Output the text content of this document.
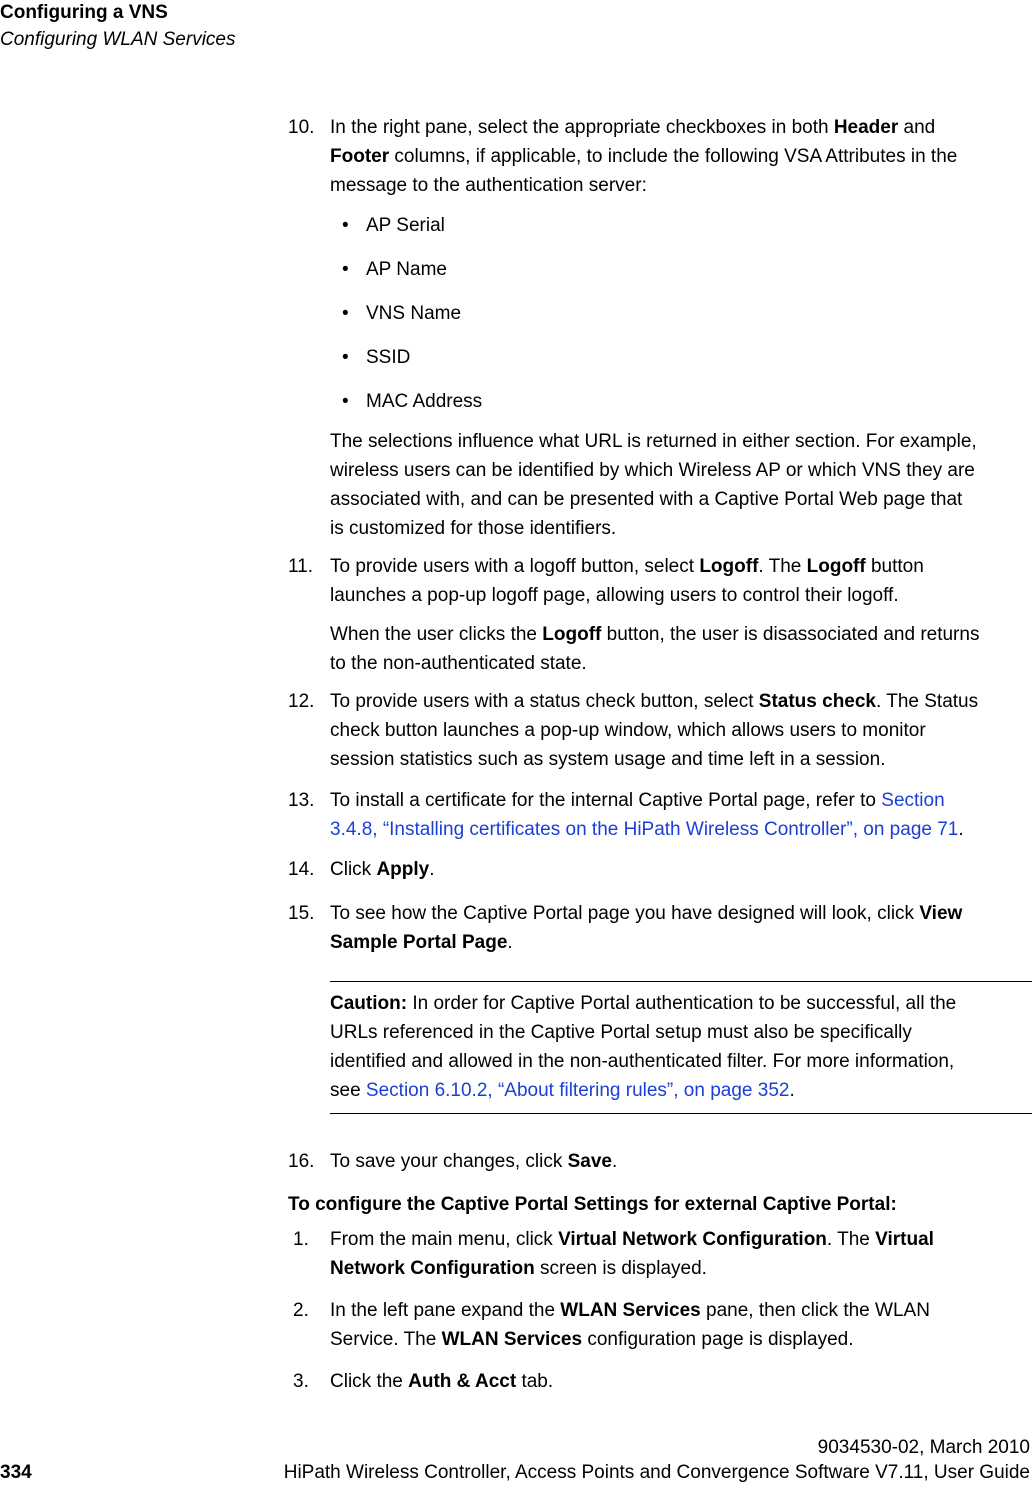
Configuring a VNS
Configuring WLAN Services
10. In the right pane, select the appropriate checkboxes in both Header and
Footer columns, if applicable, to include the following VSA Attributes in the
message to the authentication server:
• AP Serial
• AP Name
• VNS Name
• SSID
• MAC Address
The selections influence what URL is returned in either section. For example,
wireless users can be identified by which Wireless AP or which VNS they are
associated with, and can be presented with a Captive Portal Web page that
is customized for those identifiers.
11. To provide users with a logoff button, select Logoff. The Logoff button
launches a pop-up logoff page, allowing users to control their logoff.
When the user clicks the Logoff button, the user is disassociated and returns
to the non-authenticated state.
12. To provide users with a status check button, select Status check. The Status
check button launches a pop-up window, which allows users to monitor
session statistics such as system usage and time left in a session.
13. To install a certificate for the internal Captive Portal page, refer to Section
3.4.8, “Installing certificates on the HiPath Wireless Controller”, on page 71.
14. Click Apply.
15. To see how the Captive Portal page you have designed will look, click View
Sample Portal Page.
Caution: In order for Captive Portal authentication to be successful, all the
URLs referenced in the Captive Portal setup must also be specifically
identified and allowed in the non-authenticated filter. For more information,
see Section 6.10.2, “About filtering rules”, on page 352.
16. To save your changes, click Save.
To configure the Captive Portal Settings for external Captive Portal:
1. From the main menu, click Virtual Network Configuration. The Virtual
Network Configuration screen is displayed.
2. In the left pane expand the WLAN Services pane, then click the WLAN
Service. The WLAN Services configuration page is displayed.
3. Click the Auth & Acct tab.
9034530-02, March 2010
334	HiPath Wireless Controller, Access Points and Convergence Software V7.11, User Guide
